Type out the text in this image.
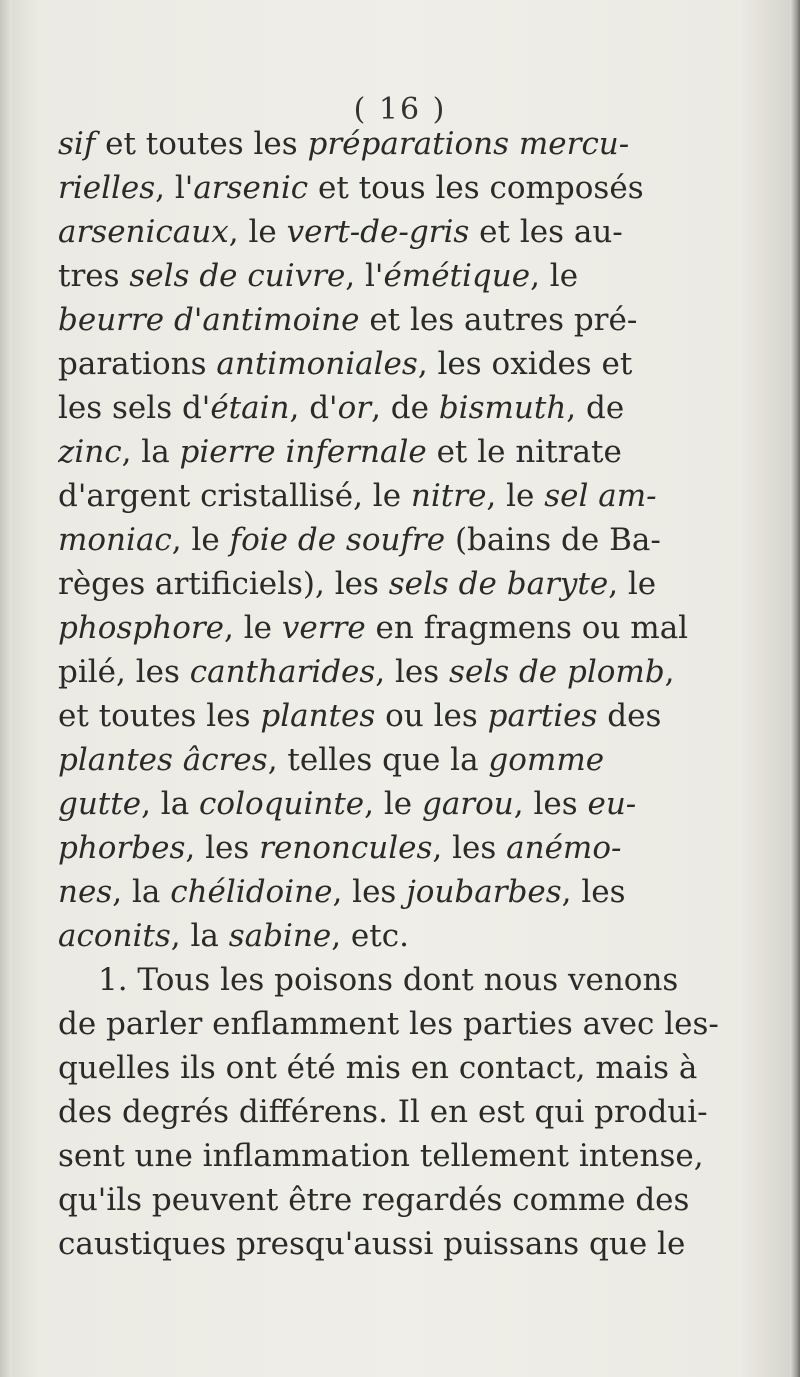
( 16 )
sif et toutes les préparations mercu-
rielles, l'arsenic et tous les composés
arsenicaux, le vert-de-gris et les au-
tres sels de cuivre, l'émétique, le
beurre d'antimoine et les autres pré-
parations antimoniales, les oxides et
les sels d'étain, d'or, de bismuth, de
zinc, la pierre infernale et le nitrate
d'argent cristallisé, le nitre, le sel am-
moniac, le foie de soufre (bains de Ba-
règes artificiels), les sels de baryte, le
phosphore, le verre en fragmens ou mal
pilé, les cantharides, les sels de plomb,
et toutes les plantes ou les parties des
plantes âcres, telles que la gomme
gutte, la coloquinte, le garou, les eu-
phorbes, les renoncules, les anémo-
nes, la chélidoine, les joubarbes, les
aconits, la sabine, etc.
1. Tous les poisons dont nous venons
de parler enflamment les parties avec les-
quelles ils ont été mis en contact, mais à
des degrés différens. Il en est qui produi-
sent une inflammation tellement intense,
qu'ils peuvent être regardés comme des
caustiques presqu'aussi puissans que le
